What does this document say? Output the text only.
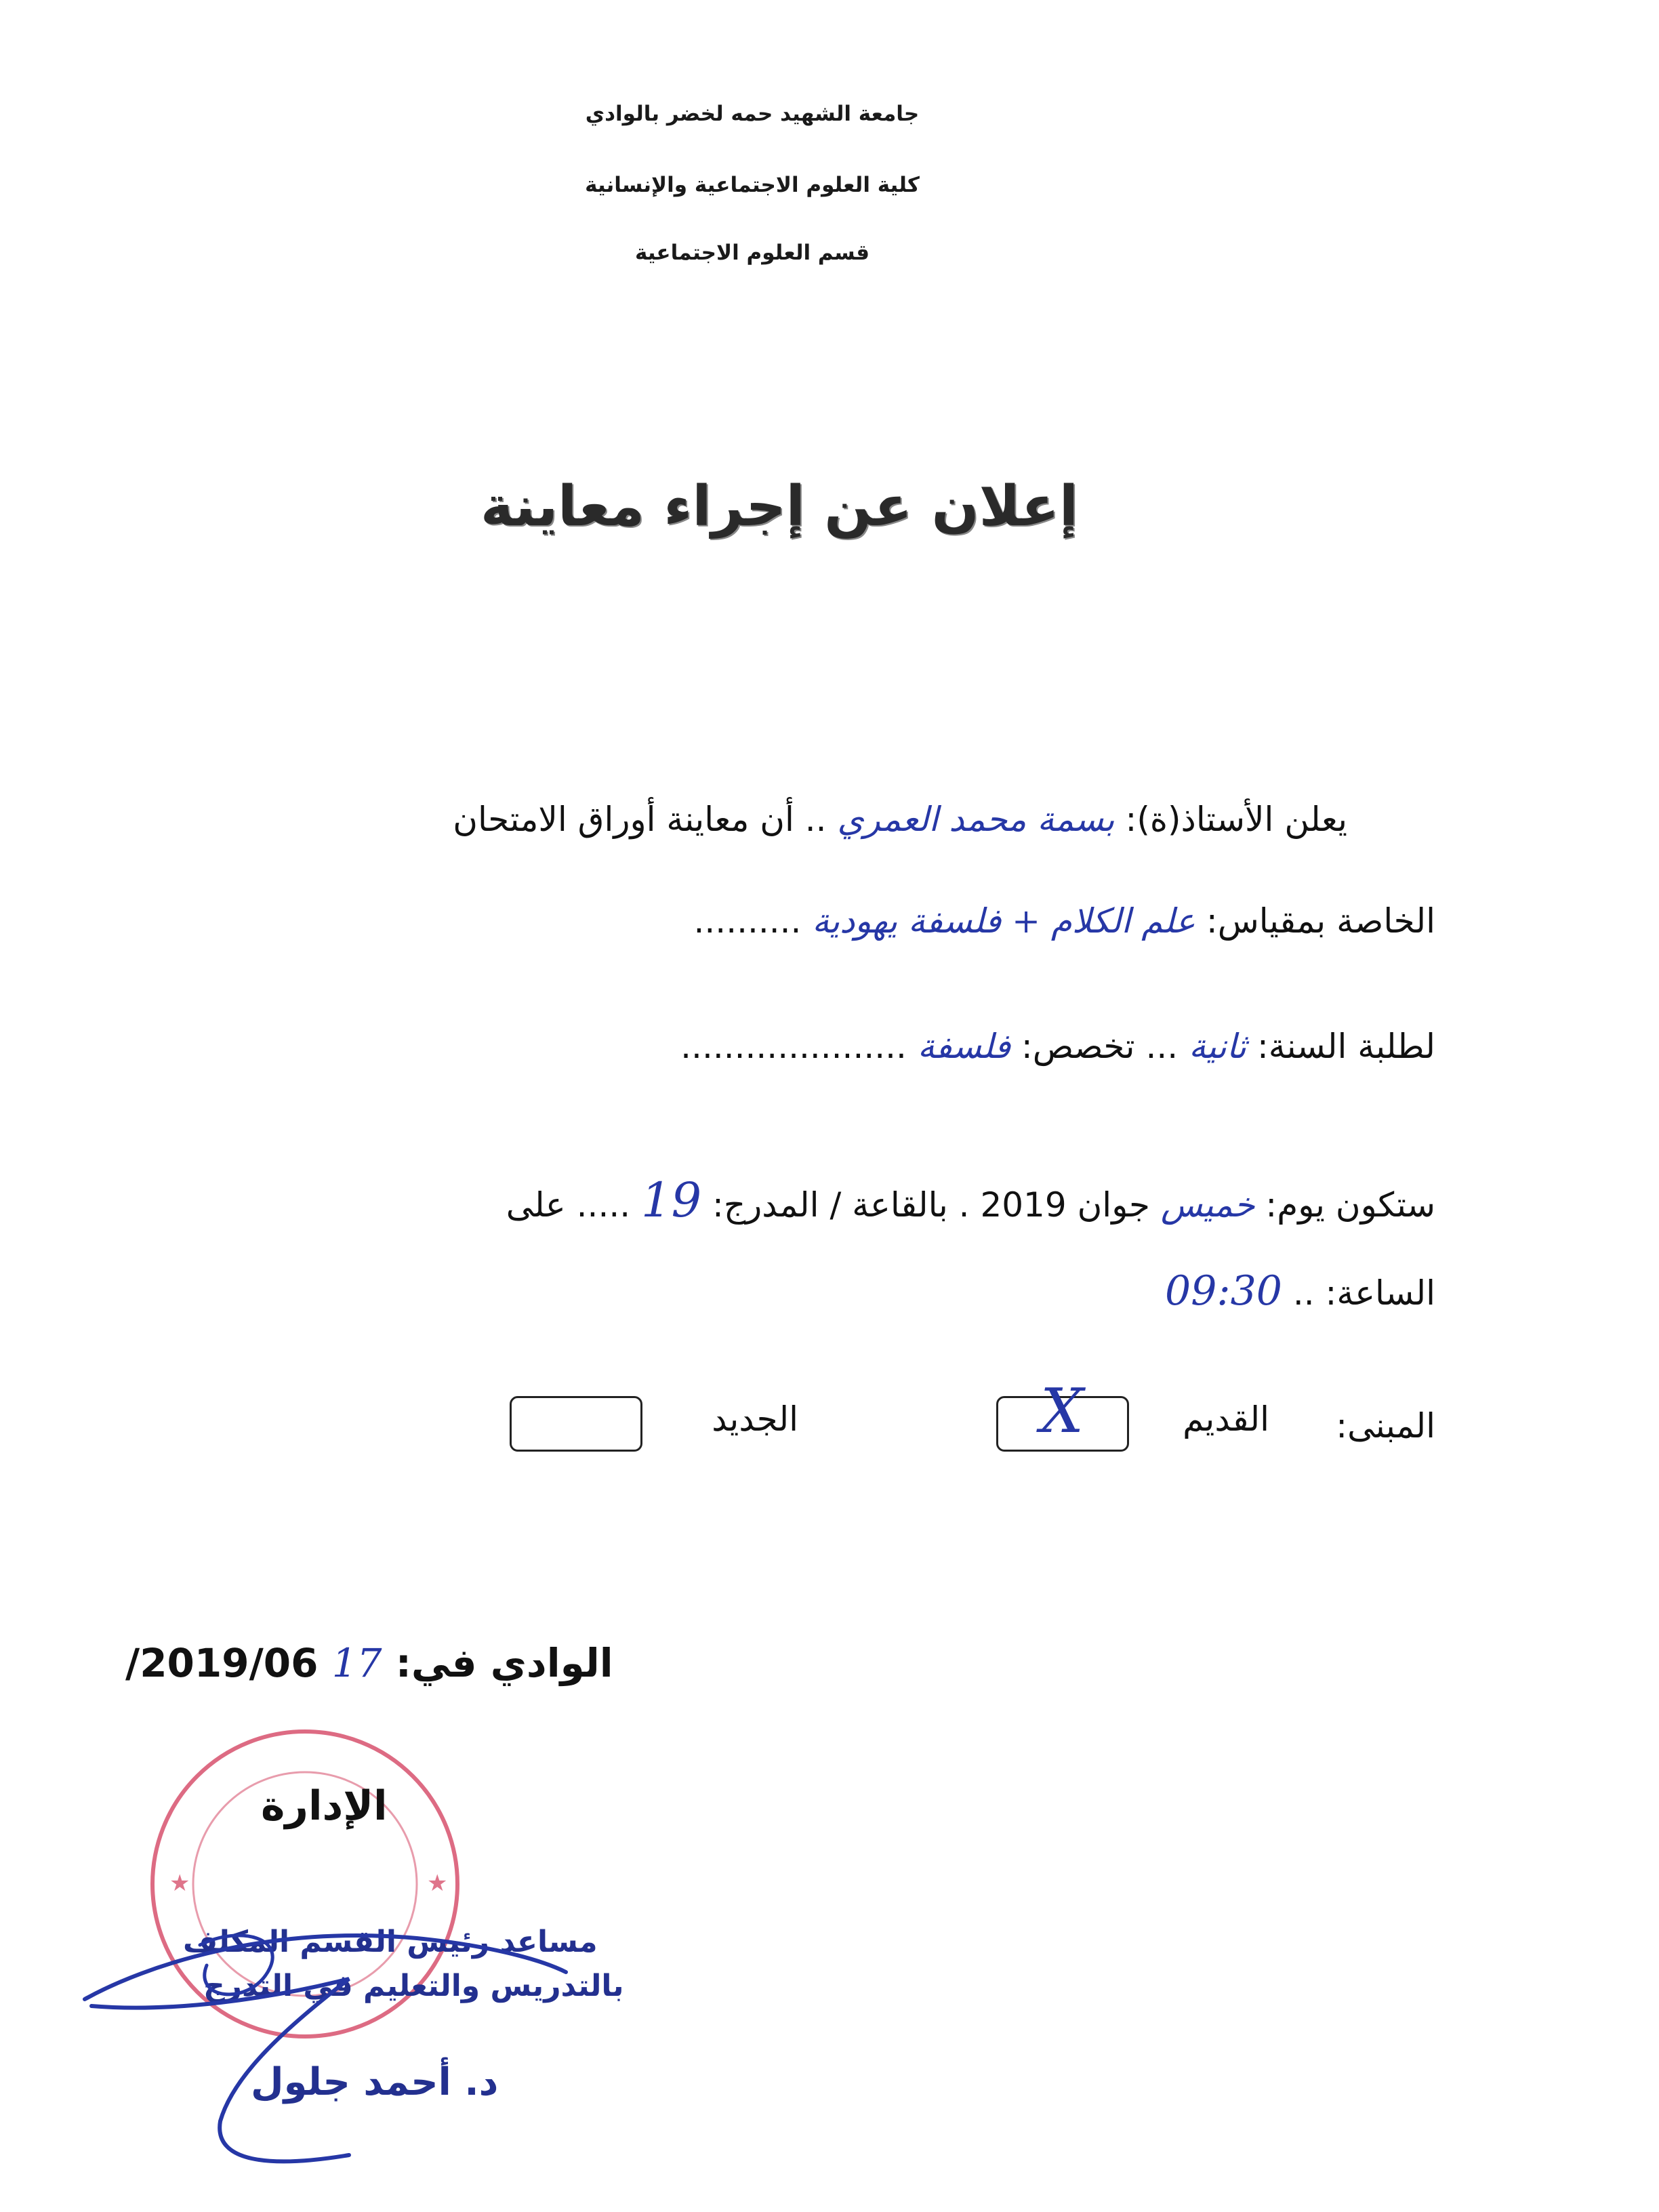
جامعة الشهيد حمه لخضر بالوادي
كلية العلوم الاجتماعية والإنسانية
قسم العلوم الاجتماعية
إعلان عن إجراء معاينة
يعلن الأستاذ(ة): بسمة محمد العمري .. أن معاينة أوراق الامتحان
الخاصة بمقياس: علم الكلام + فلسفة يهودية ..........
لطلبة السنة: ثانية ... تخصص: فلسفة .....................
ستكون يوم: خميس جوان 2019 . بالقاعة / المدرج: 19 ..... على
الساعة: .. 09:30
المبنى:
القديم
X
الجديد
الوادي في: 17 2019/06/
★	★
الإدارة
مساعد رئيس القسم المكلف
بالتدريس والتعليم في التدرج
د. أحمد جلول
